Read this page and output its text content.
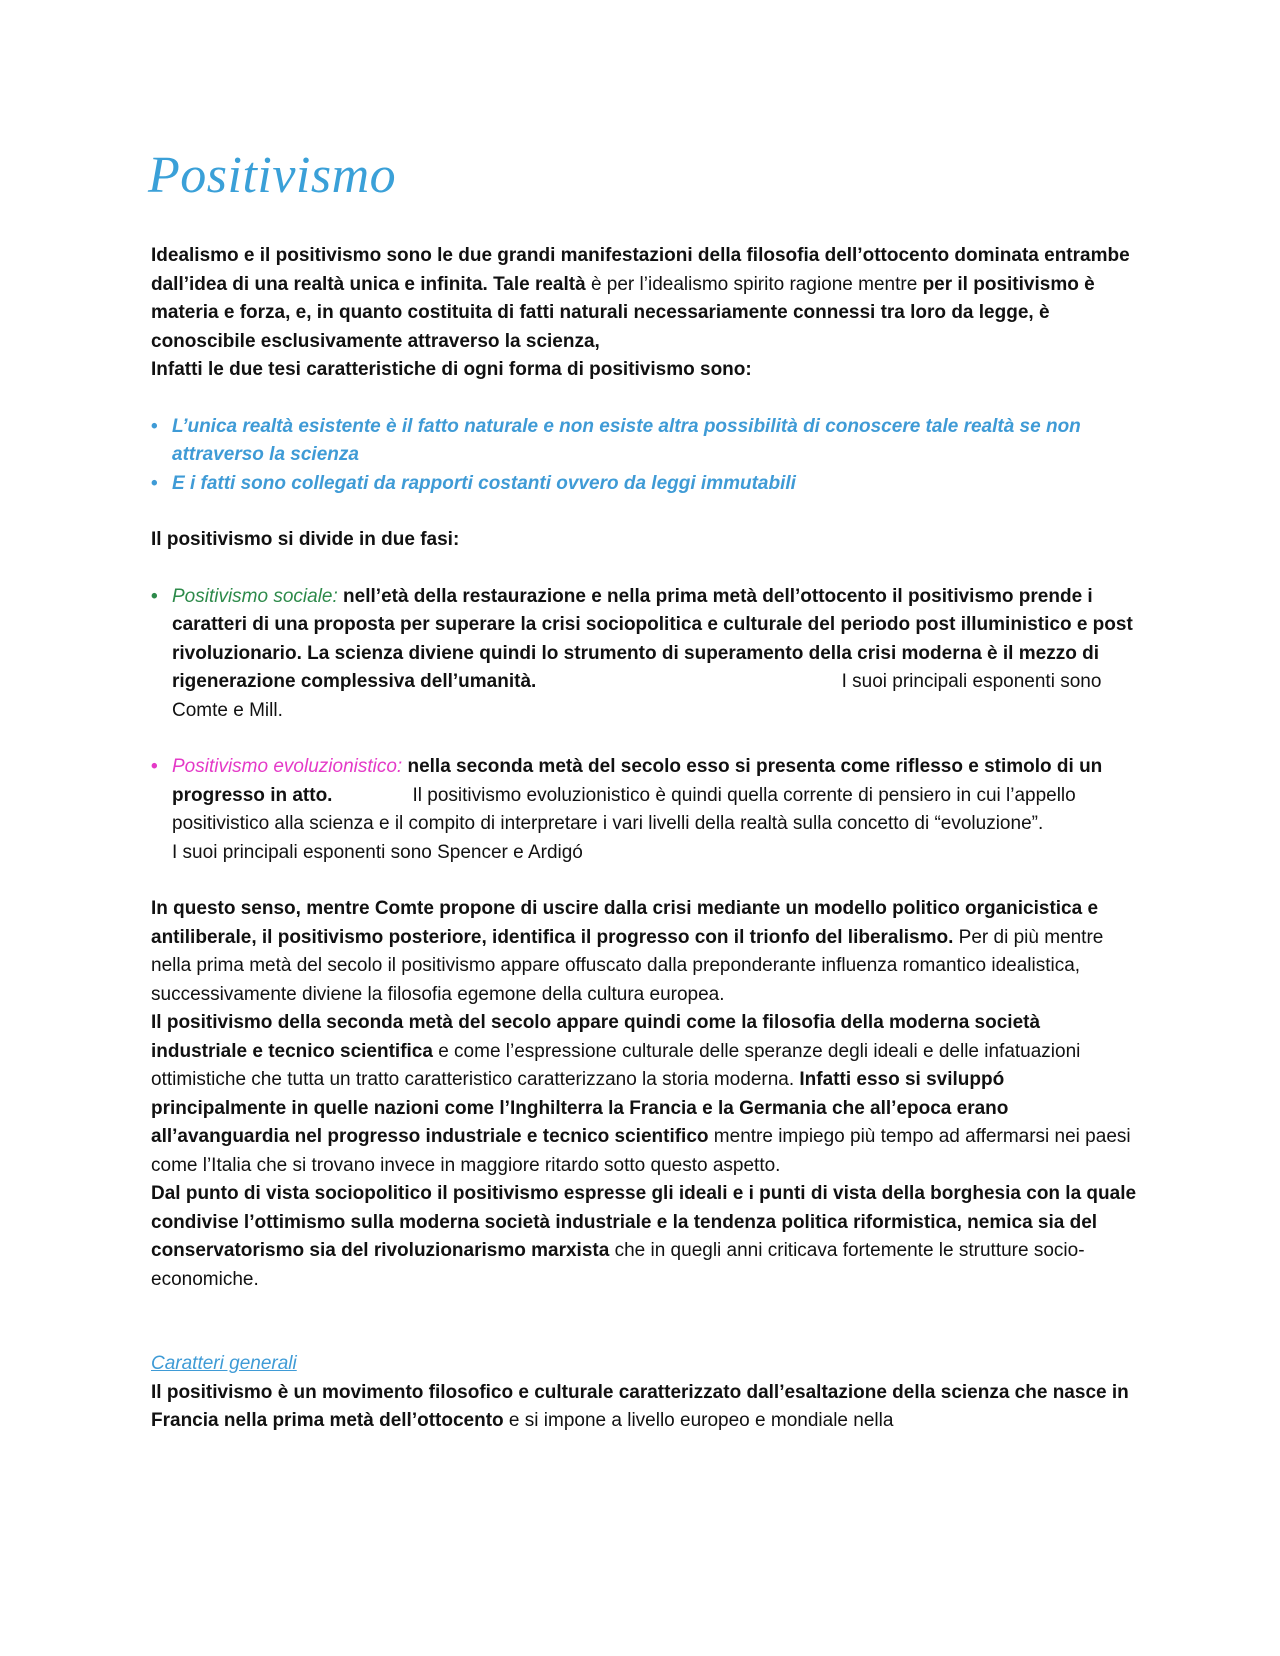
Positivismo

Idealismo e il positivismo sono le due grandi manifestazioni della filosofia dell’ottocento dominata entrambe dall’idea di una realtà unica e infinita. Tale realtà è per l’idealismo spirito ragione mentre per il positivismo è materia e forza, e, in quanto costituita di fatti naturali necessariamente connessi tra loro da legge, è conoscibile esclusivamente attraverso la scienza,

Infatti le due tesi caratteristiche di ogni forma di positivismo sono:

• L’unica realtà esistente è il fatto naturale e non esiste altra possibilità di conoscere tale realtà se non attraverso la scienza
• E i fatti sono collegati da rapporti costanti ovvero da leggi immutabili

Il positivismo si divide in due fasi:

• Positivismo sociale: nell’età della restaurazione e nella prima metà dell’ottocento il positivismo prende i caratteri di una proposta per superare la crisi sociopolitica e culturale del periodo post illuministico e post rivoluzionario. La scienza diviene quindi lo strumento di superamento della crisi moderna è il mezzo di rigenerazione complessiva dell’umanità.	I suoi principali esponenti sono Comte e Mill.
• Positivismo evoluzionistico: nella seconda metà del secolo esso si presenta come riflesso e stimolo di un progresso in atto.	Il positivismo evoluzionistico è quindi quella corrente di pensiero in cui l’appello positivistico alla scienza e il compito di interpretare i vari livelli della realtà sulla concetto di “evoluzione”.
I suoi principali esponenti sono Spencer e Ardigó

In questo senso, mentre Comte propone di uscire dalla crisi mediante un modello politico organicistica e antiliberale, il positivismo posteriore, identifica il progresso con il trionfo del liberalismo. Per di più mentre nella prima metà del secolo il positivismo appare offuscato dalla preponderante influenza romantico idealistica, successivamente diviene la filosofia egemone della cultura europea.

Il positivismo della seconda metà del secolo appare quindi come la filosofia della moderna società industriale e tecnico scientifica e come l’espressione culturale delle speranze degli ideali e delle infatuazioni ottimistiche che tutta un tratto caratteristico caratterizzano la storia moderna. Infatti esso si sviluppó principalmente in quelle nazioni come l’Inghilterra la Francia e la Germania che all’epoca erano all’avanguardia nel progresso industriale e tecnico scientifico mentre impiego più tempo ad affermarsi nei paesi come l’Italia che si trovano invece in maggiore ritardo sotto questo aspetto.

Dal punto di vista sociopolitico il positivismo espresse gli ideali e i punti di vista della borghesia con la quale condivise l’ottimismo sulla moderna società industriale e la tendenza politica riformistica, nemica sia del conservatorismo sia del rivoluzionarismo marxista che in quegli anni criticava fortemente le strutture socio- economiche.

Caratteri generali

Il positivismo è un movimento filosofico e culturale caratterizzato dall’esaltazione della scienza che nasce in Francia nella prima metà dell’ottocento e si impone a livello europeo e mondiale nella
